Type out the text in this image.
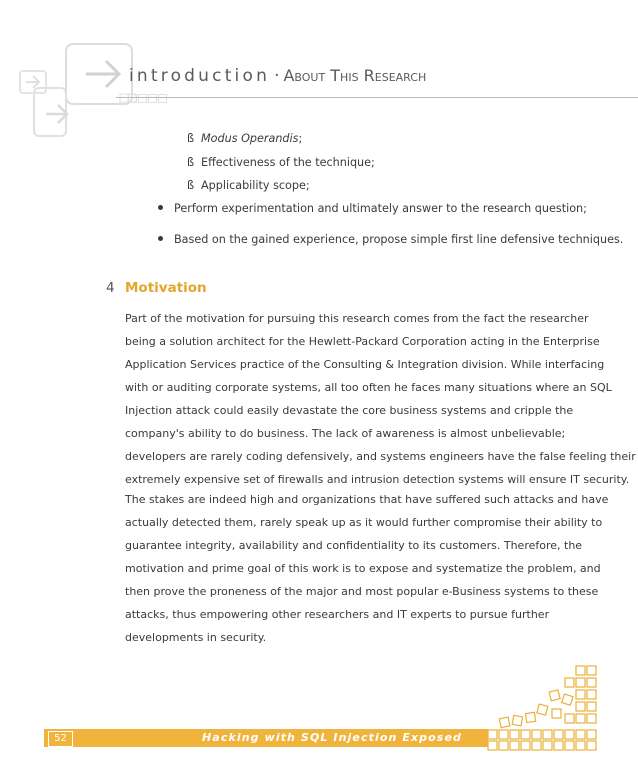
introduction · About This Research
ß Modus Operandis;
ß Effectiveness of the technique;
ß Applicability scope;
Perform experimentation and ultimately answer to the research question;
Based on the gained experience, propose simple first line defensive techniques.
4 Motivation
Part of the motivation for pursuing this research comes from the fact the researcher
being a solution architect for the Hewlett-Packard Corporation acting in the Enterprise
Application Services practice of the Consulting & Integration division. While interfacing
with or auditing corporate systems, all too often he faces many situations where an SQL
Injection attack could easily devastate the core business systems and cripple the
company's ability to do business. The lack of awareness is almost unbelievable;
developers are rarely coding defensively, and systems engineers have the false feeling their
extremely expensive set of firewalls and intrusion detection systems will ensure IT security.
The stakes are indeed high and organizations that have suffered such attacks and have
actually detected them, rarely speak up as it would further compromise their ability to
guarantee integrity, availability and confidentiality to its customers. Therefore, the
motivation and prime goal of this work is to expose and systematize the problem, and
then prove the proneness of the major and most popular e-Business systems to these
attacks, thus empowering other researchers and IT experts to pursue further
developments in security.
52	Hacking with SQL Injection Exposed
